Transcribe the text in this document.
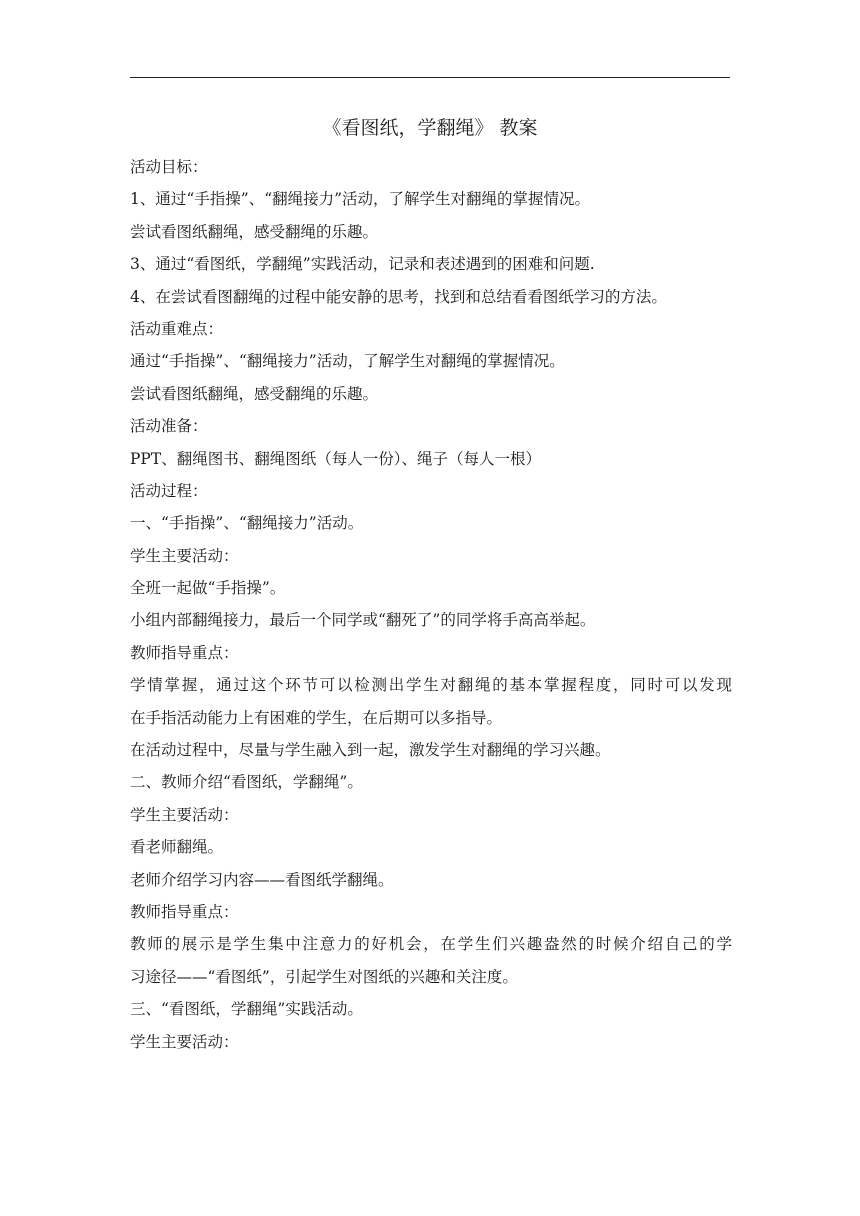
《看图纸，学翻绳》 教案
活动目标：
1、通过“手指操”、“翻绳接力”活动，了解学生对翻绳的掌握情况。
尝试看图纸翻绳，感受翻绳的乐趣。
3、通过“看图纸，学翻绳”实践活动，记录和表述遇到的困难和问题.
4、在尝试看图翻绳的过程中能安静的思考，找到和总结看看图纸学习的方法。
活动重难点：
通过“手指操”、“翻绳接力”活动，了解学生对翻绳的掌握情况。
尝试看图纸翻绳，感受翻绳的乐趣。
活动准备：
PPT、翻绳图书、翻绳图纸（每人一份）、绳子（每人一根）
活动过程：
一、“手指操”、“翻绳接力”活动。
学生主要活动：
全班一起做“手指操”。
小组内部翻绳接力，最后一个同学或“翻死了”的同学将手高高举起。
教师指导重点：
学情掌握，通过这个环节可以检测出学生对翻绳的基本掌握程度，同时可以发现
在手指活动能力上有困难的学生，在后期可以多指导。
在活动过程中，尽量与学生融入到一起，激发学生对翻绳的学习兴趣。
二、教师介绍“看图纸，学翻绳”。
学生主要活动：
看老师翻绳。
老师介绍学习内容——看图纸学翻绳。
教师指导重点：
教师的展示是学生集中注意力的好机会，在学生们兴趣盎然的时候介绍自己的学
习途径——“看图纸”，引起学生对图纸的兴趣和关注度。
三、“看图纸，学翻绳”实践活动。
学生主要活动：
